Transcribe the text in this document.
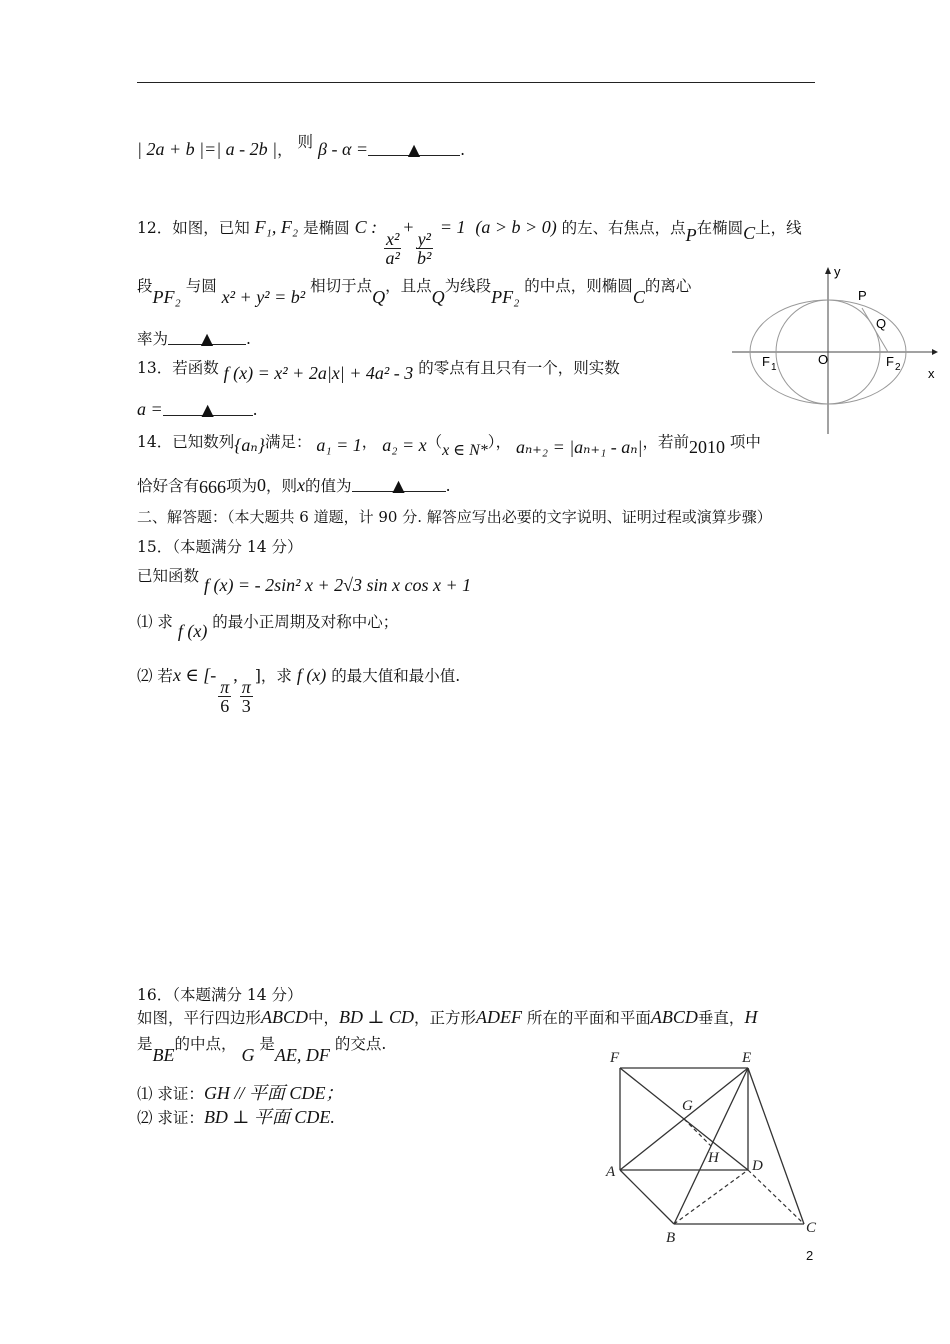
| 2a + b |=| a - 2b |， 则 β - α = ▲	.
12．如图，已知 F₁, F₂ 是椭圆 C :
$\frac{\text{x²}}{\text{a²}}$
+
$\frac{\text{y²}}{\text{b²}}$
= 1 (a > b > 0) 的左、右焦点，点P在椭圆C上，线
段PF₂ 与圆 x² + y² = b² 相切于点Q，且点Q为线段PF₂ 的中点，则椭圆C的离心
率为 ▲ .
13．若函数 f (x) = x² + 2a|x| + 4a² - 3 的零点有且只有一个，则实数
a = ▲	.
14．已知数列{aₙ}满足： a₁ = 1， a₂ = x（x ∈ N*）， aₙ₊₂ = |aₙ₊₁ - aₙ|，若前2010 项中
恰好含有666项为0，则x的值为	▲	.
二、解答题：（本大题共 6 道题，计 90 分. 解答应写出必要的文字说明、证明过程或演算步骤）
15．（本题满分 14 分）
已知函数 f (x) = - 2sin² x + 2√3 sin x cos x + 1
⑴ 求 f (x) 的最小正周期及对称中心；
⑵ 若x ∈ [-
$\frac{\pi}{6}$
,
$\frac{\pi}{3}$
]，求 f (x) 的最大值和最小值.
16．（本题满分 14 分）
如图，平行四边形ABCD中，BD ⊥ CD，正方形ADEF 所在的平面和平面ABCD垂直，H
是BE的中点， G 是AE, DF 的交点.
⑴ 求证：GH // 平面 CDE；
⑵ 求证：BD ⊥ 平面 CDE.
y
x
P
Q
O
F 1	F 2
F	E
G
H
A	D
B
C
2
